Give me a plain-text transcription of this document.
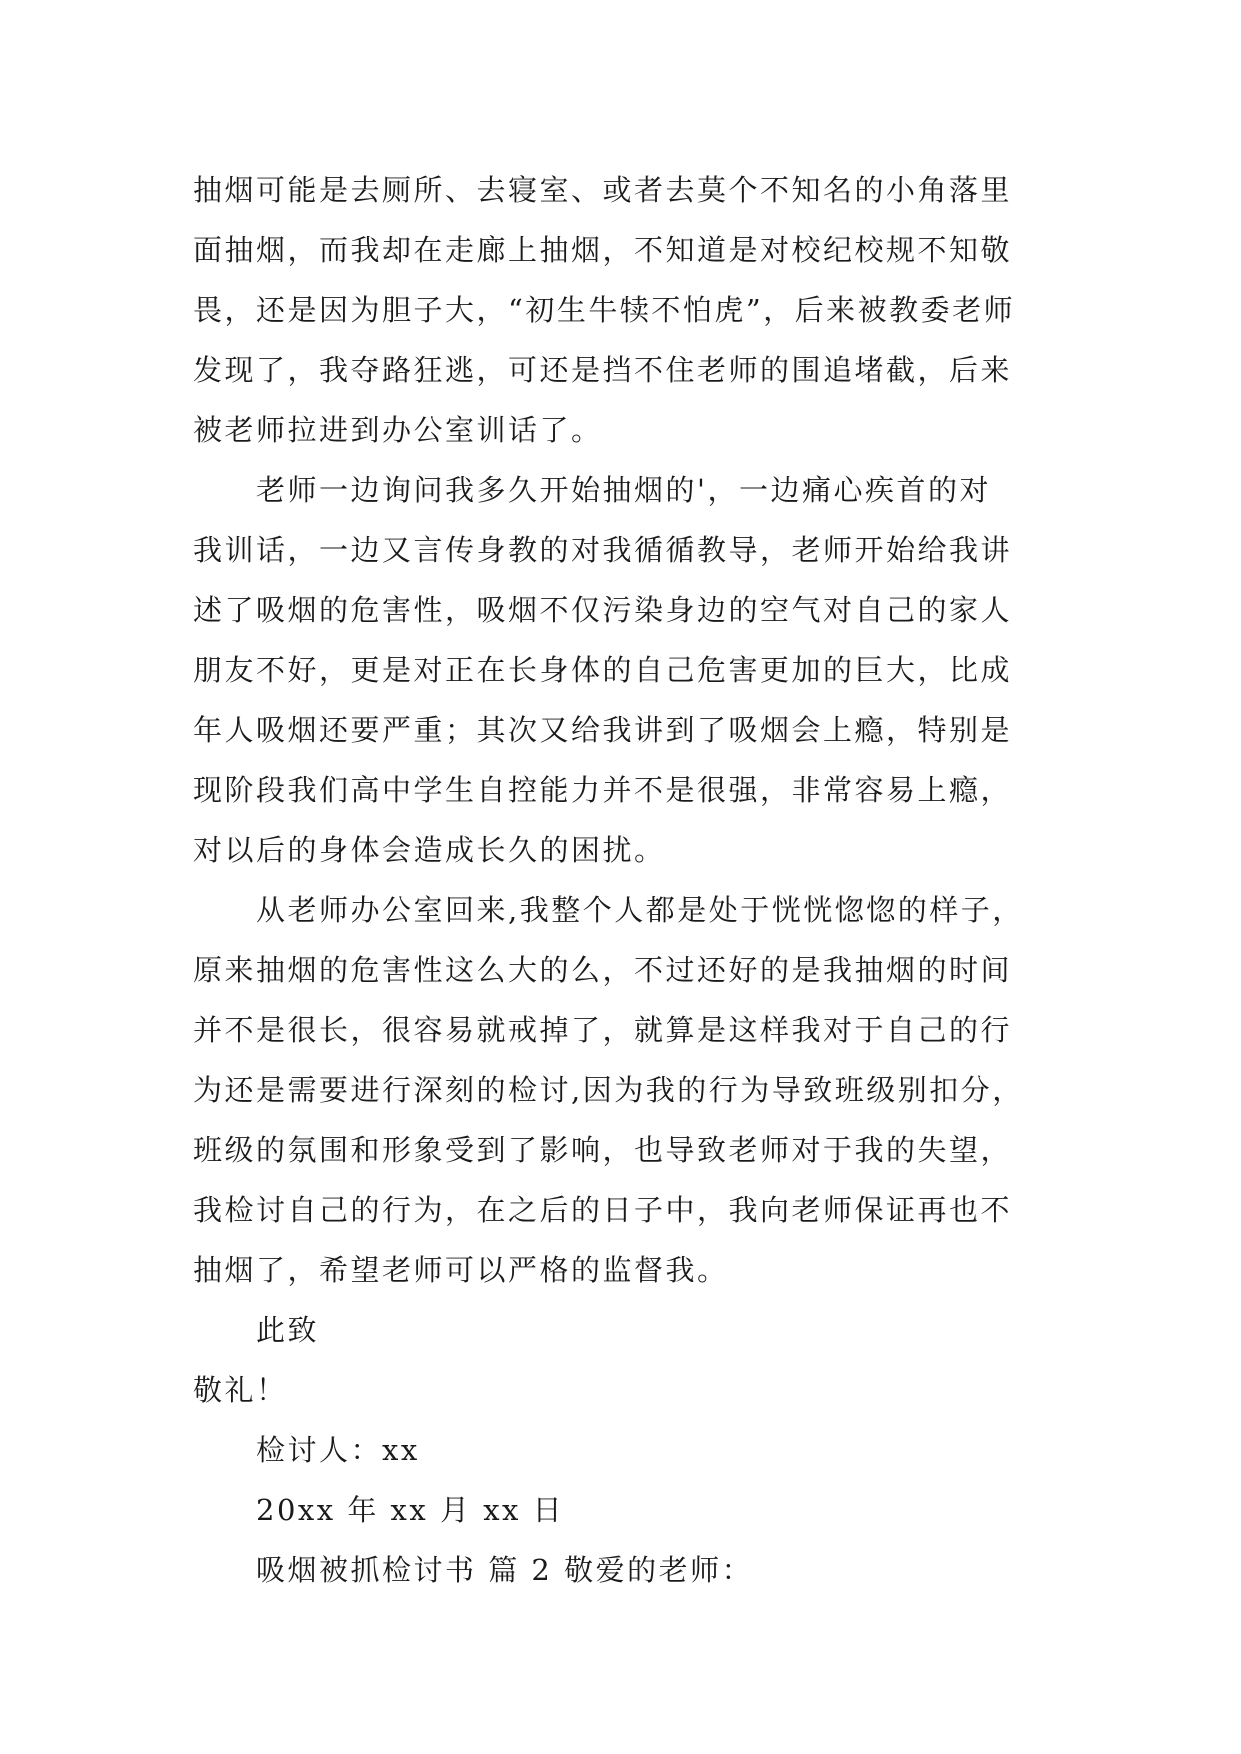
抽烟可能是去厕所、去寝室、或者去莫个不知名的小角落里
面抽烟，而我却在走廊上抽烟，不知道是对校纪校规不知敬
畏，还是因为胆子大，“初生牛犊不怕虎”，后来被教委老师
发现了，我夺路狂逃，可还是挡不住老师的围追堵截，后来
被老师拉进到办公室训话了。
老师一边询问我多久开始抽烟的'，一边痛心疾首的对
我训话，一边又言传身教的对我循循教导，老师开始给我讲
述了吸烟的危害性，吸烟不仅污染身边的空气对自己的家人
朋友不好，更是对正在长身体的自己危害更加的巨大，比成
年人吸烟还要严重；其次又给我讲到了吸烟会上瘾，特别是
现阶段我们高中学生自控能力并不是很强，非常容易上瘾，
对以后的身体会造成长久的困扰。
从老师办公室回来,我整个人都是处于恍恍惚惚的样子，
原来抽烟的危害性这么大的么，不过还好的是我抽烟的时间
并不是很长，很容易就戒掉了，就算是这样我对于自己的行
为还是需要进行深刻的检讨,因为我的行为导致班级别扣分，
班级的氛围和形象受到了影响，也导致老师对于我的失望，
我检讨自己的行为，在之后的日子中，我向老师保证再也不
抽烟了，希望老师可以严格的监督我。
此致
敬礼！
检讨人：xx
20xx 年 xx 月 xx 日
吸烟被抓检讨书 篇 2 敬爱的老师：
